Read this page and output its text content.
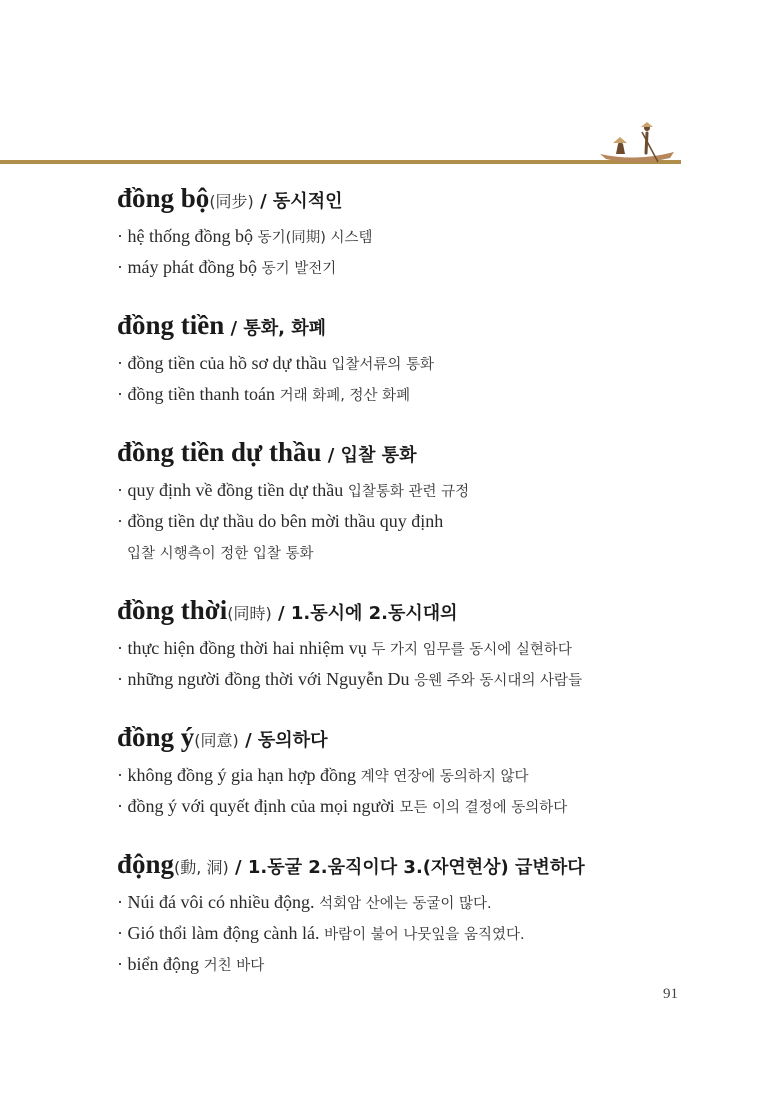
đồng bộ(同步) / 동시적인
· hệ thống đồng bộ 동기(同期) 시스템
· máy phát đồng bộ 동기 발전기
đồng tiền / 통화, 화폐
· đồng tiền của hồ sơ dự thầu 입찰서류의 통화
· đồng tiền thanh toán 거래 화폐, 정산 화폐
đồng tiền dự thầu / 입찰 통화
· quy định về đồng tiền dự thầu 입찰통화 관련 규정
· đồng tiền dự thầu do bên mời thầu quy định
입찰 시행측이 정한 입찰 통화
đồng thời(同時) / 1.동시에 2.동시대의
· thực hiện đồng thời hai nhiệm vụ 두 가지 임무를 동시에 실현하다
· những người đồng thời với Nguyễn Du 응웬 주와 동시대의 사람들
đồng ý(同意) / 동의하다
· không đồng ý gia hạn hợp đồng 계약 연장에 동의하지 않다
· đồng ý với quyết định của mọi người 모든 이의 결정에 동의하다
động(動, 洞) / 1.동굴 2.움직이다 3.(자연현상) 급변하다
· Núi đá vôi có nhiều động. 석회암 산에는 동굴이 많다.
· Gió thổi làm động cành lá. 바람이 불어 나뭇잎을 움직였다.
· biển động 거친 바다
91
